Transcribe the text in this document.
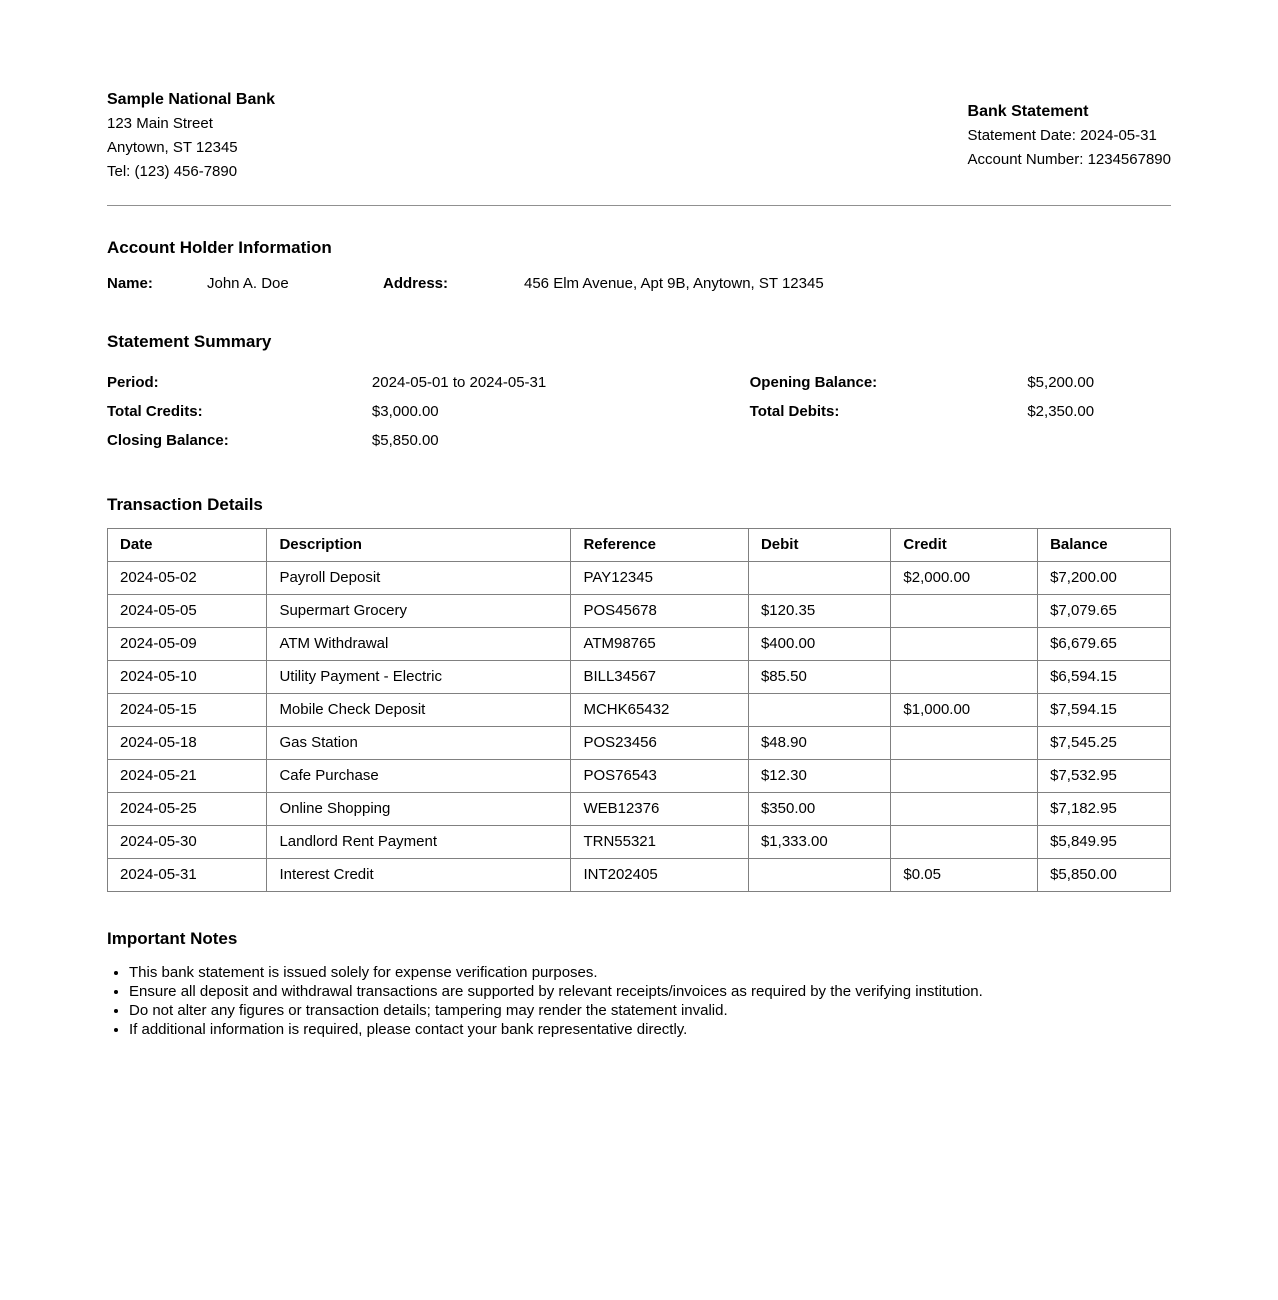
Sample National Bank
123 Main Street
Anytown, ST 12345
Tel: (123) 456-7890
Bank Statement
Statement Date: 2024-05-31
Account Number: 1234567890
Account Holder Information
Name:	John A. Doe	Address:	456 Elm Avenue, Apt 9B, Anytown, ST 12345
Statement Summary
Period:	2024-05-01 to 2024-05-31	Opening Balance:	$5,200.00
Total Credits:	$3,000.00	Total Debits:	$2,350.00
Closing Balance:	$5,850.00
Transaction Details
Date	Description	Reference	Debit	Credit	Balance
2024-05-02	Payroll Deposit	PAY12345		$2,000.00	$7,200.00
2024-05-05	Supermart Grocery	POS45678	$120.35		$7,079.65
2024-05-09	ATM Withdrawal	ATM98765	$400.00		$6,679.65
2024-05-10	Utility Payment - Electric	BILL34567	$85.50		$6,594.15
2024-05-15	Mobile Check Deposit	MCHK65432		$1,000.00	$7,594.15
2024-05-18	Gas Station	POS23456	$48.90		$7,545.25
2024-05-21	Cafe Purchase	POS76543	$12.30		$7,532.95
2024-05-25	Online Shopping	WEB12376	$350.00		$7,182.95
2024-05-30	Landlord Rent Payment	TRN55321	$1,333.00		$5,849.95
2024-05-31	Interest Credit	INT202405		$0.05	$5,850.00
Important Notes
• This bank statement is issued solely for expense verification purposes.
• Ensure all deposit and withdrawal transactions are supported by relevant receipts/invoices as required by the verifying institution.
• Do not alter any figures or transaction details; tampering may render the statement invalid.
• If additional information is required, please contact your bank representative directly.
